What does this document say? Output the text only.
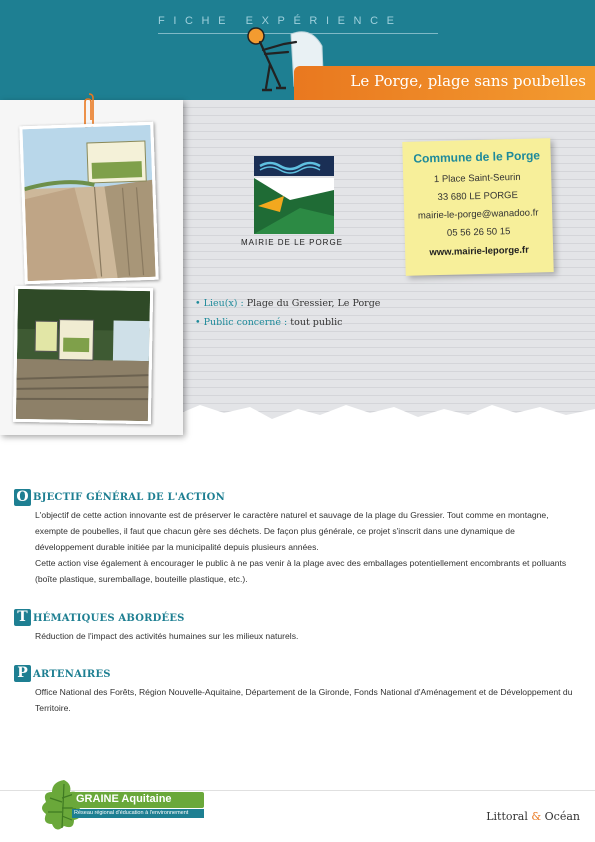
FICHE EXPÉRIENCE
Le Porge, plage sans poubelles
MAIRIE DE LE PORGE
Commune de le Porge
1 Place Saint-Seurin
33 680 LE PORGE
mairie-le-porge@wanadoo.fr
05 56 26 50 15
www.mairie-leporge.fr
• Lieu(x) : Plage du Gressier, Le Porge
• Public concerné : tout public
O BJECTIF GÉNÉRAL DE L'ACTION

L'objectif de cette action innovante est de préserver le caractère naturel et sauvage de la plage du Gressier. Tout comme en montagne, exempte de poubelles, il faut que chacun gère ses déchets. De façon plus générale, ce projet s'inscrit dans une dynamique de développement durable initiée par la municipalité depuis plusieurs années.

Cette action vise également à encourager le public à ne pas venir à la plage avec des emballages potentiellement encombrants et polluants (boîte plastique, suremballage, bouteille plastique, etc.).

T HÉMATIQUES ABORDÉES

Réduction de l'impact des activités humaines sur les milieux naturels.

P ARTENAIRES

Office National des Forêts, Région Nouvelle-Aquitaine, Département de la Gironde, Fonds National d'Aménagement et de Développement du Territoire.

GRAINE Aquitaine
Réseau régional d'éducation à l'environnement	Littoral & Océan
